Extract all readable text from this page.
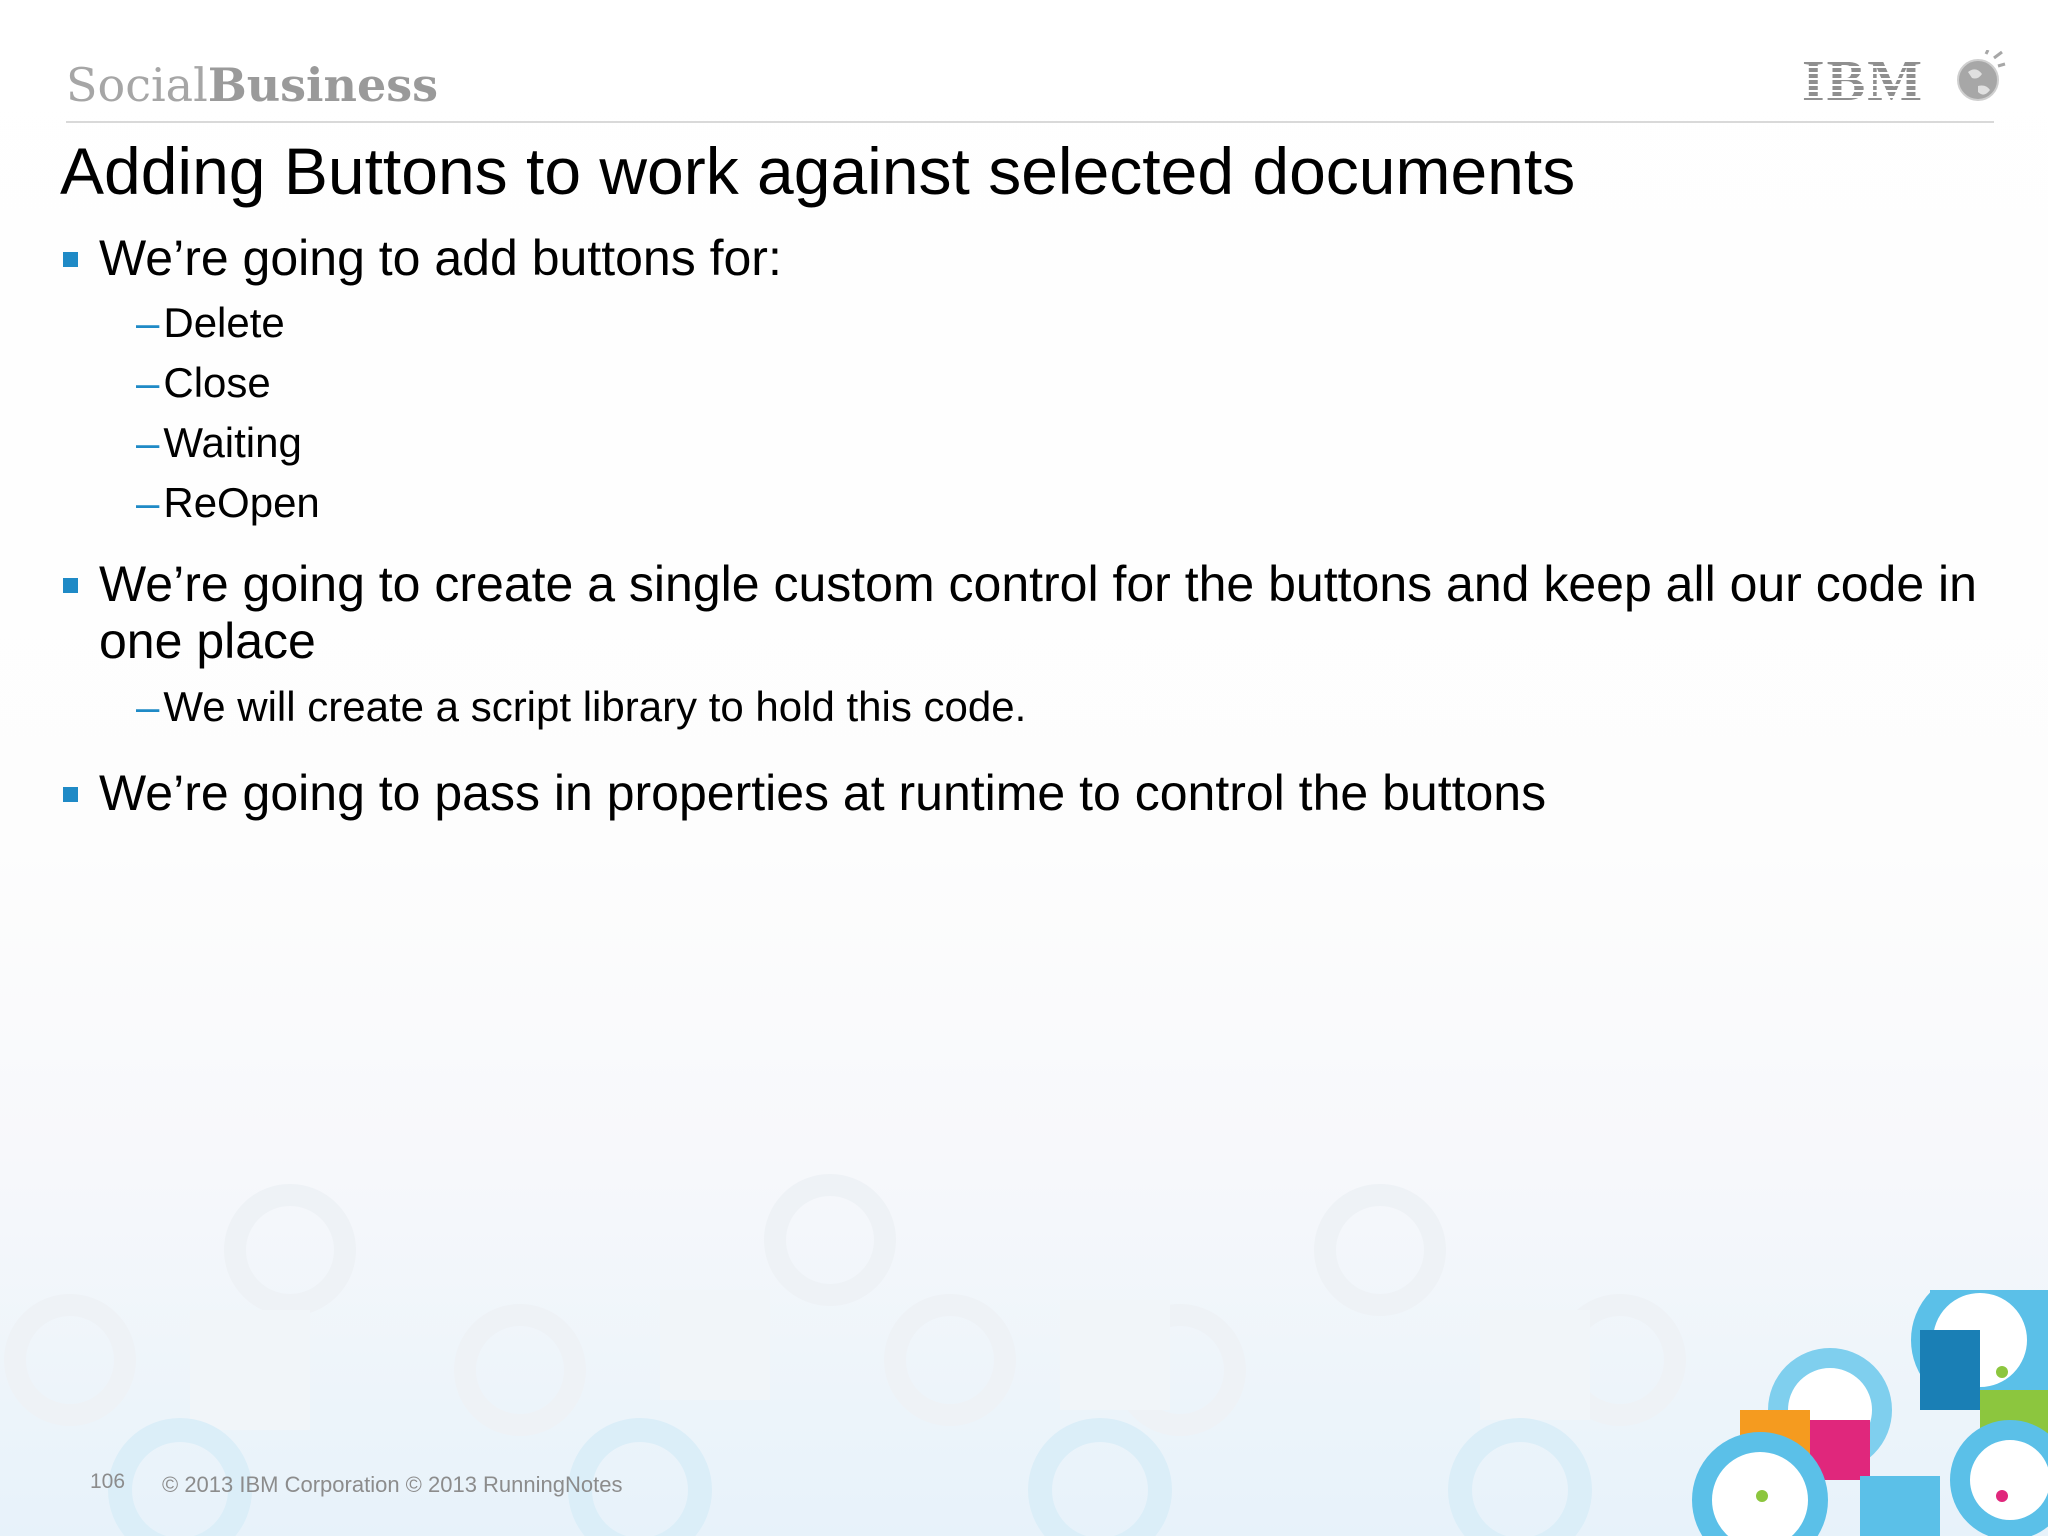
SocialBusiness	IBM
Adding Buttons to work against selected documents
We’re going to add buttons for:
–Delete
–Close
–Waiting
–ReOpen
We’re going to create a single custom control for the buttons and keep all our code in one place
–We will create a script library to hold this code.
We’re going to pass in properties at runtime to control the buttons
106 © 2013 IBM Corporation © 2013 RunningNotes
